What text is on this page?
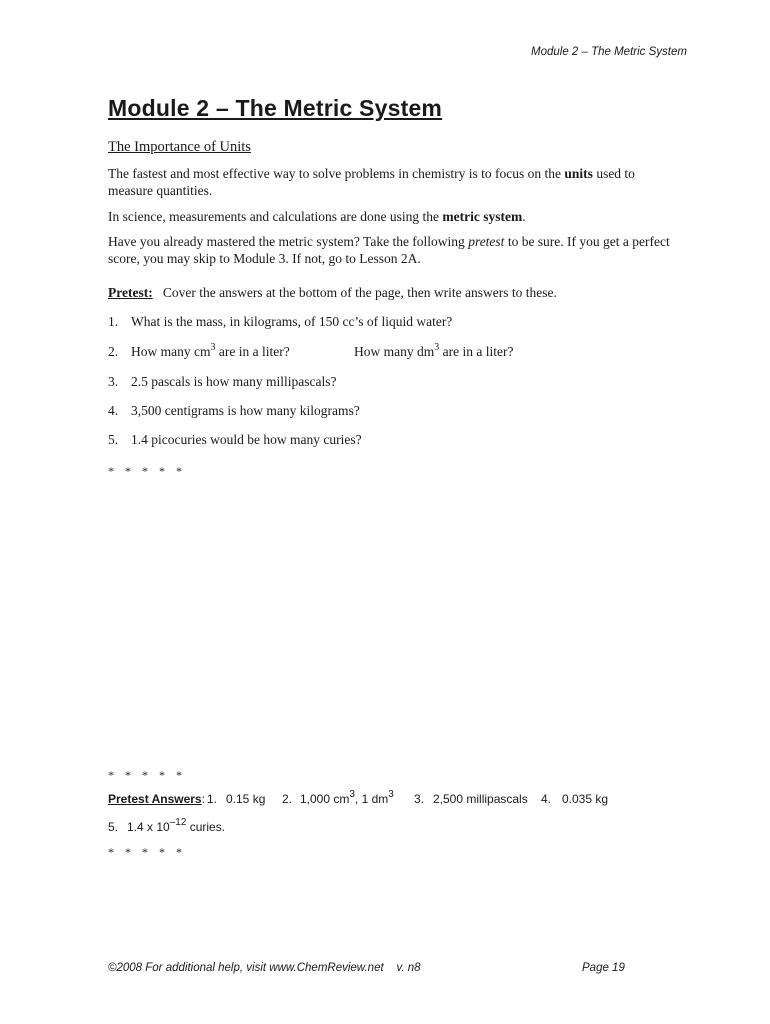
Module 2 – The Metric System
Module 2 – The Metric System
The Importance of Units
The fastest and most effective way to solve problems in chemistry is to focus on the units used to measure quantities.
In science, measurements and calculations are done using the metric system.
Have you already mastered the metric system? Take the following pretest to be sure. If you get a perfect score, you may skip to Module 3. If not, go to Lesson 2A.
Pretest: Cover the answers at the bottom of the page, then write answers to these.
1. What is the mass, in kilograms, of 150 cc’s of liquid water?
2. How many $cm^3$ are in a liter?	How many $dm^3$ are in a liter?
3. 2.5 pascals is how many millipascals?
4. 3,500 centigrams is how many kilograms?
5. 1.4 picocuries would be how many curies?
* * * * *
* * * * *
Pretest Answers: 1. 0.15 kg 2. 1,000 $cm^3$, 1 $dm^3$ 3. 2,500 millipascals 4. 0.035 kg
5. 1.4 x $10^{-12}$ curies.
* * * * *
©2008 For additional help, visit www.ChemReview.net    v. n8	Page 19
